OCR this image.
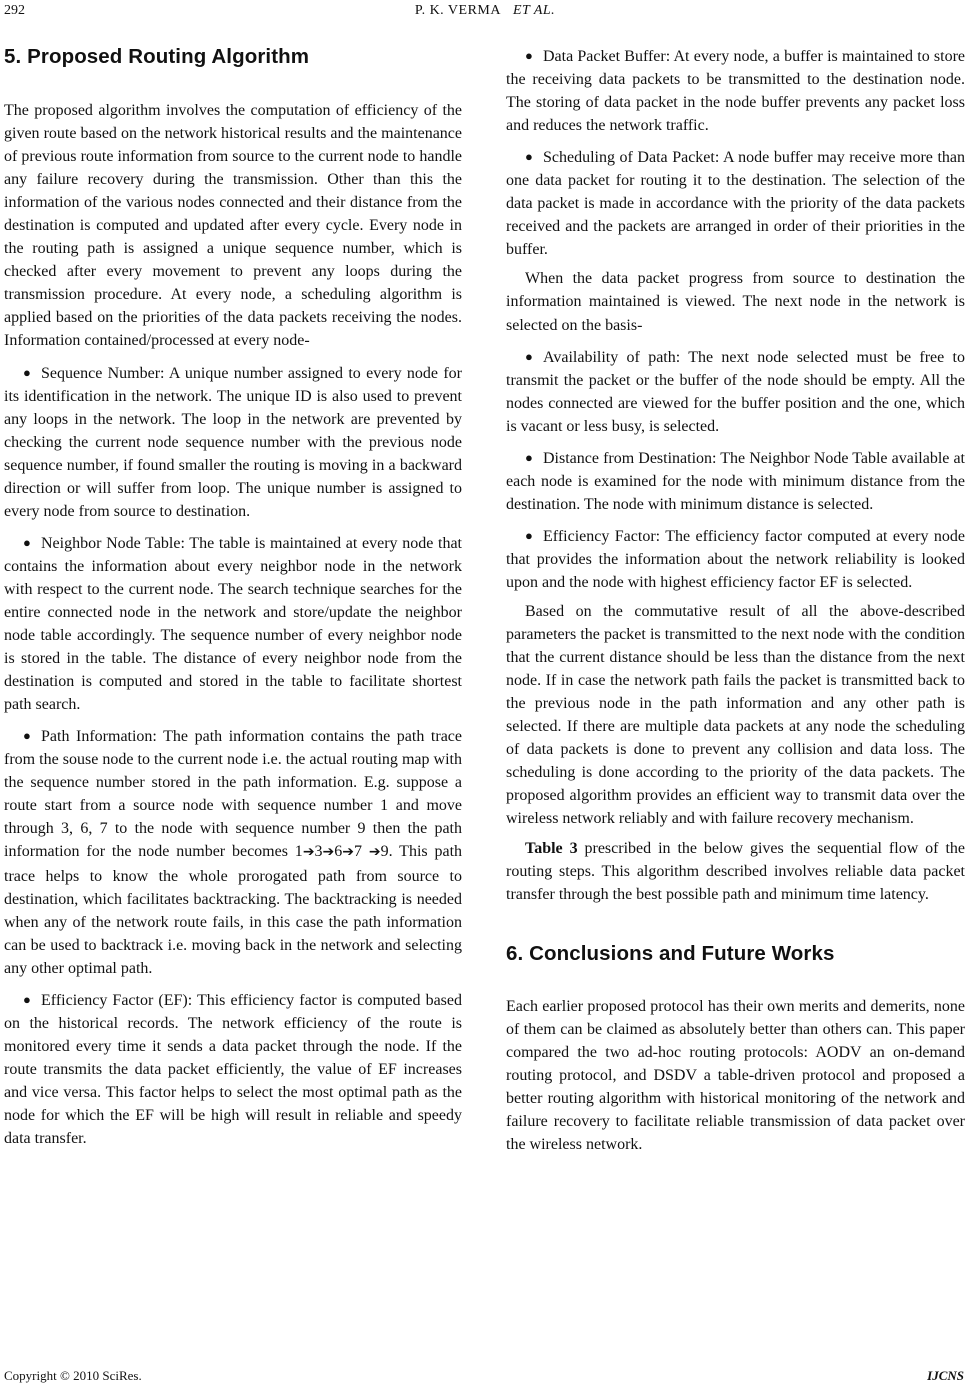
292	P. K. VERMA ET AL.
5. Proposed Routing Algorithm

The proposed algorithm involves the computation of efficiency of the given route based on the network historical results and the maintenance of previous route information from source to the current node to handle any failure recovery during the transmission. Other than this the information of the various nodes connected and their distance from the destination is computed and updated after every cycle. Every node in the routing path is assigned a unique sequence number, which is checked after every movement to prevent any loops during the transmission procedure. At every node, a scheduling algorithm is applied based on the priorities of the data packets receiving the nodes. Information contained/processed at every node-

● Sequence Number: A unique number assigned to every node for its identification in the network. The unique ID is also used to prevent any loops in the network. The loop in the network are prevented by checking the current node sequence number with the previous node sequence number, if found smaller the routing is moving in a backward direction or will suffer from loop. The unique number is assigned to every node from source to destination.

● Neighbor Node Table: The table is maintained at every node that contains the information about every neighbor node in the network with respect to the current node. The search technique searches for the entire connected node in the network and store/update the neighbor node table accordingly. The sequence number of every neighbor node is stored in the table. The distance of every neighbor node from the destination is computed and stored in the table to facilitate shortest path search.

● Path Information: The path information contains the path trace from the souse node to the current node i.e. the actual routing map with the sequence number stored in the path information. E.g. suppose a route start from a source node with sequence number 1 and move through 3, 6, 7 to the node with sequence number 9 then the path information for the node number becomes 1➔3➔6➔7 ➔9. This path trace helps to know the whole prorogated path from source to destination, which facilitates backtracking. The backtracking is needed when any of the network route fails, in this case the path information can be used to backtrack i.e. moving back in the network and selecting any other optimal path.

● Efficiency Factor (EF): This efficiency factor is computed based on the historical records. The network efficiency of the route is monitored every time it sends a data packet through the node. If the route transmits the data packet efficiently, the value of EF increases and vice versa. This factor helps to select the most optimal path as the node for which the EF will be high will result in reliable and speedy data transfer.

● Data Packet Buffer: At every node, a buffer is maintained to store the receiving data packets to be transmitted to the destination node. The storing of data packet in the node buffer prevents any packet loss and reduces the network traffic.

● Scheduling of Data Packet: A node buffer may receive more than one data packet for routing it to the destination. The selection of the data packet is made in accordance with the priority of the data packets received and the packets are arranged in order of their priorities in the buffer.

When the data packet progress from source to destination the information maintained is viewed. The next node in the network is selected on the basis-

● Availability of path: The next node selected must be free to transmit the packet or the buffer of the node should be empty. All the nodes connected are viewed for the buffer position and the one, which is vacant or less busy, is selected.

● Distance from Destination: The Neighbor Node Table available at each node is examined for the node with minimum distance from the destination. The node with minimum distance is selected.

● Efficiency Factor: The efficiency factor computed at every node that provides the information about the network reliability is looked upon and the node with highest efficiency factor EF is selected.

Based on the commutative result of all the above-described parameters the packet is transmitted to the next node with the condition that the current distance should be less than the distance from the next node. If in case the network path fails the packet is transmitted back to the previous node in the path information and any other path is selected. If there are multiple data packets at any node the scheduling of data packets is done to prevent any collision and data loss. The scheduling is done according to the priority of the data packets. The proposed algorithm provides an efficient way to transmit data over the wireless network reliably and with failure recovery mechanism.

Table 3 prescribed in the below gives the sequential flow of the routing steps. This algorithm described involves reliable data packet transfer through the best possible path and minimum time latency.

6. Conclusions and Future Works

Each earlier proposed protocol has their own merits and demerits, none of them can be claimed as absolutely better than others can. This paper compared the two ad-hoc routing protocols: AODV an on-demand routing protocol, and DSDV a table-driven protocol and proposed a better routing algorithm with historical monitoring of the network and failure recovery to facilitate reliable transmission of data packet over the wireless network.

Copyright © 2010 SciRes.	IJCNS
